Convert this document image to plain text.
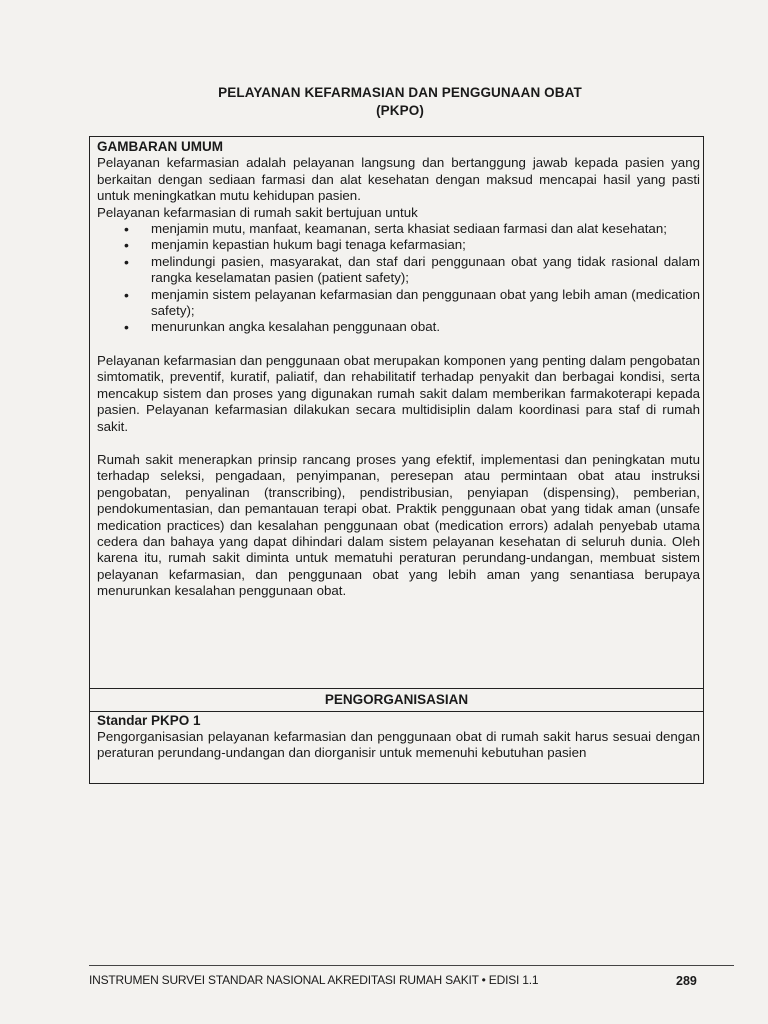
PELAYANAN KEFARMASIAN DAN PENGGUNAAN OBAT
(PKPO)
GAMBARAN UMUM

Pelayanan kefarmasian adalah pelayanan langsung dan bertanggung jawab kepada pasien yang berkaitan dengan sediaan farmasi dan alat kesehatan dengan maksud mencapai hasil yang pasti untuk meningkatkan mutu kehidupan pasien.

Pelayanan kefarmasian di rumah sakit bertujuan untuk

• menjamin mutu, manfaat, keamanan, serta khasiat sediaan farmasi dan alat kesehatan;
• menjamin kepastian hukum bagi tenaga kefarmasian;
• melindungi pasien, masyarakat, dan staf dari penggunaan obat yang tidak rasional dalam rangka keselamatan pasien (patient safety);
• menjamin sistem pelayanan kefarmasian dan penggunaan obat yang lebih aman (medication safety);
• menurunkan angka kesalahan penggunaan obat.

Pelayanan kefarmasian dan penggunaan obat merupakan komponen yang penting dalam pengobatan simtomatik, preventif, kuratif, paliatif, dan rehabilitatif terhadap penyakit dan berbagai kondisi, serta mencakup sistem dan proses yang digunakan rumah sakit dalam memberikan farmakoterapi kepada pasien. Pelayanan kefarmasian dilakukan secara multidisiplin dalam koordinasi para staf di rumah sakit.

Rumah sakit menerapkan prinsip rancang proses yang efektif, implementasi dan peningkatan mutu terhadap seleksi, pengadaan, penyimpanan, peresepan atau permintaan obat atau instruksi pengobatan, penyalinan (transcribing), pendistribusian, penyiapan (dispensing), pemberian, pendokumentasian, dan pemantauan terapi obat. Praktik penggunaan obat yang tidak aman (unsafe medication practices) dan kesalahan penggunaan obat (medication errors) adalah penyebab utama cedera dan bahaya yang dapat dihindari dalam sistem pelayanan kesehatan di seluruh dunia. Oleh karena itu, rumah sakit diminta untuk mematuhi peraturan perundang-undangan, membuat sistem pelayanan kefarmasian, dan penggunaan obat yang lebih aman yang senantiasa berupaya menurunkan kesalahan penggunaan obat.

PENGORGANISASIAN
Standar PKPO 1

Pengorganisasian pelayanan kefarmasian dan penggunaan obat di rumah sakit harus sesuai dengan peraturan perundang-undangan dan diorganisir untuk memenuhi kebutuhan pasien

INSTRUMEN SURVEI STANDAR NASIONAL AKREDITASI RUMAH SAKIT • EDISI 1.1	289
